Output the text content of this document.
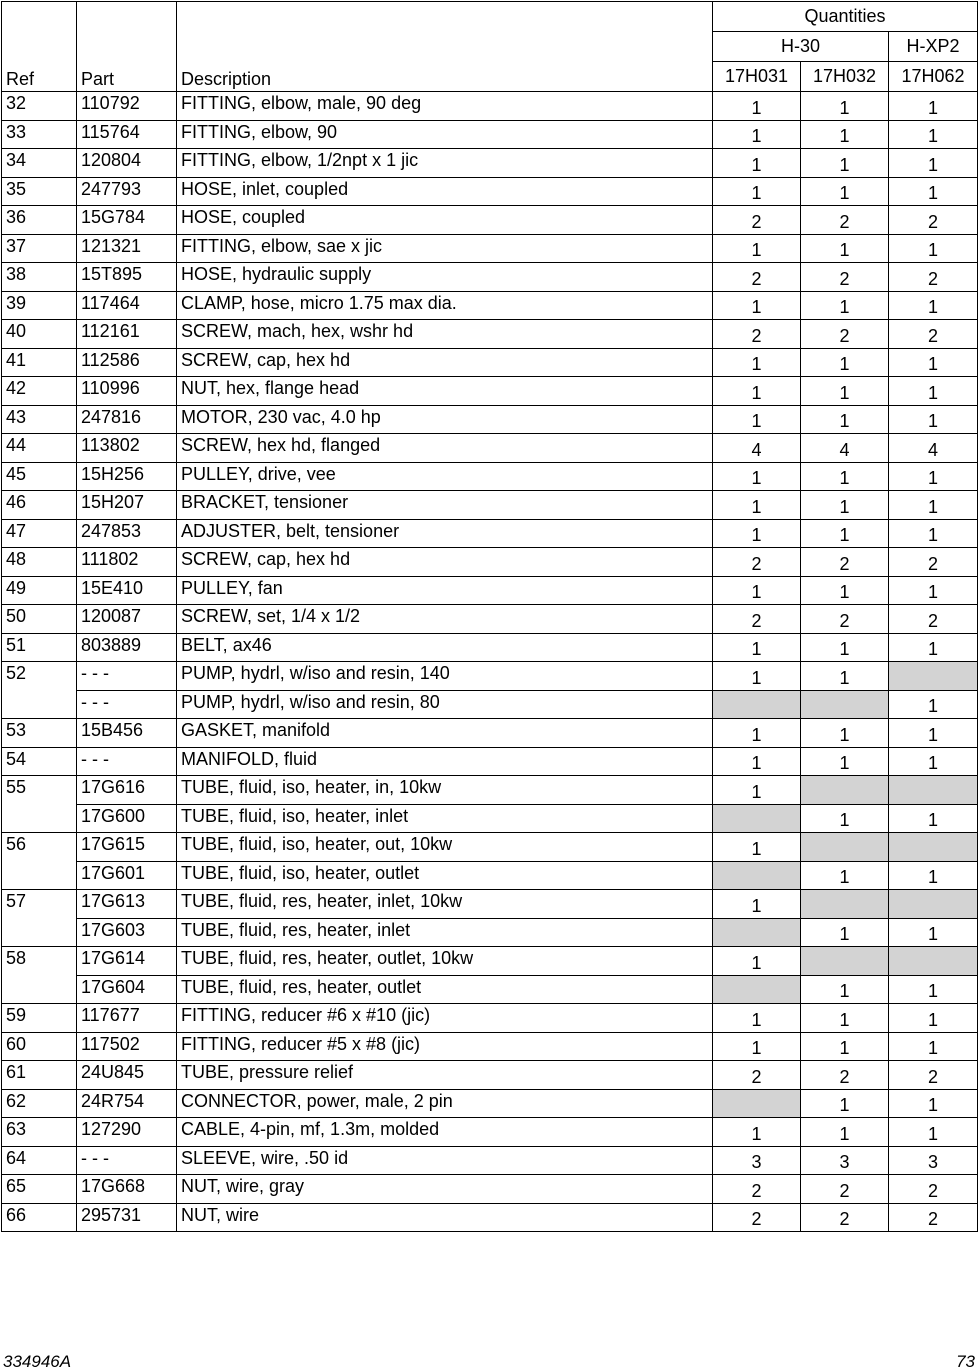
Ref	Part	Description	Quantities		
			H-30		H-XP2
			17H031	17H032	17H062
32	110792	FITTING, elbow, male, 90 deg	1	1	1
33	115764	FITTING, elbow, 90	1	1	1
34	120804	FITTING, elbow, 1/2npt x 1 jic	1	1	1
35	247793	HOSE, inlet, coupled	1	1	1
36	15G784	HOSE, coupled	2	2	2
37	121321	FITTING, elbow, sae x jic	1	1	1
38	15T895	HOSE, hydraulic supply	2	2	2
39	117464	CLAMP, hose, micro 1.75 max dia.	1	1	1
40	112161	SCREW, mach, hex, wshr hd	2	2	2
41	112586	SCREW, cap, hex hd	1	1	1
42	110996	NUT, hex, flange head	1	1	1
43	247816	MOTOR, 230 vac, 4.0 hp	1	1	1
44	113802	SCREW, hex hd, flanged	4	4	4
45	15H256	PULLEY, drive, vee	1	1	1
46	15H207	BRACKET, tensioner	1	1	1
47	247853	ADJUSTER, belt, tensioner	1	1	1
48	111802	SCREW, cap, hex hd	2	2	2
49	15E410	PULLEY, fan	1	1	1
50	120087	SCREW, set, 1/4 x 1/2	2	2	2
51	803889	BELT, ax46	1	1	1
52	- - -	PUMP, hydrl, w/iso and resin, 140	1	1	
	- - -	PUMP, hydrl, w/iso and resin, 80			1
53	15B456	GASKET, manifold	1	1	1
54	- - -	MANIFOLD, fluid	1	1	1
55	17G616	TUBE, fluid, iso, heater, in, 10kw	1		
	17G600	TUBE, fluid, iso, heater, inlet		1	1
56	17G615	TUBE, fluid, iso, heater, out, 10kw	1		
	17G601	TUBE, fluid, iso, heater, outlet		1	1
57	17G613	TUBE, fluid, res, heater, inlet, 10kw	1		
	17G603	TUBE, fluid, res, heater, inlet		1	1
58	17G614	TUBE, fluid, res, heater, outlet, 10kw	1		
	17G604	TUBE, fluid, res, heater, outlet		1	1
59	117677	FITTING, reducer #6 x #10 (jic)	1	1	1
60	117502	FITTING, reducer #5 x #8 (jic)	1	1	1
61	24U845	TUBE, pressure relief	2	2	2
62	24R754	CONNECTOR, power, male, 2 pin		1	1
63	127290	CABLE, 4-pin, mf, 1.3m, molded	1	1	1
64	- - -	SLEEVE, wire, .50 id	3	3	3
65	17G668	NUT, wire, gray	2	2	2
66	295731	NUT, wire	2	2	2
334946A	73
